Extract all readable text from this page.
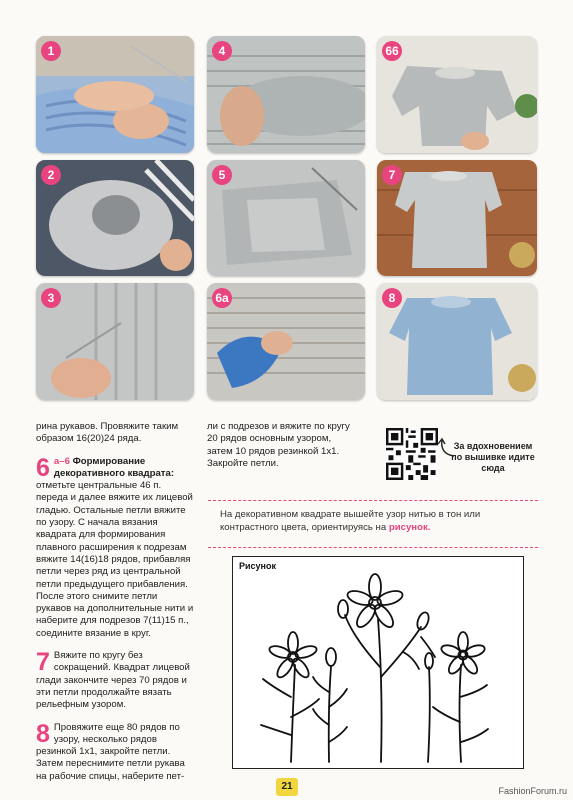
1	4	66
2	5	7
3	6а	8

рина рукавов. Провяжите таким образом 16(20)24 ряда.

6 а–6 Формирование декоративного квадрата: отметьте центральные 46 п. переда и далее вяжите их лицевой гладью. Остальные петли вяжите по узору. С начала вязания квадрата для формирования плавного расширения к подрезам вяжите 14(16)18 рядов, прибавляя петли через ряд из центральной петли предыдущего прибавления. После этого снимите петли рукавов на дополнительные нити и наберите для подрезов 7(11)15 п., соедините вязание в круг.

7 Вяжите по кругу без сокращений. Квадрат лицевой глади закончите через 70 рядов и эти петли продолжайте вязать рельефным узором.

8 Провяжите еще 80 рядов по узору, несколько рядов резинкой 1х1, закройте петли. Затем переснимите петли рукава на рабочие спицы, наберите пет-

ли с подрезов и вяжите по кругу 20 рядов основным узором, затем 10 рядов резинкой 1х1. Закройте петли.

За вдохновением по вышивке идите сюда
На декоративном квадрате вышейте узор нитью в тон или контрастного цвета, ориентируясь на рисунок.
Рисунок
21	FashionForum.ru
